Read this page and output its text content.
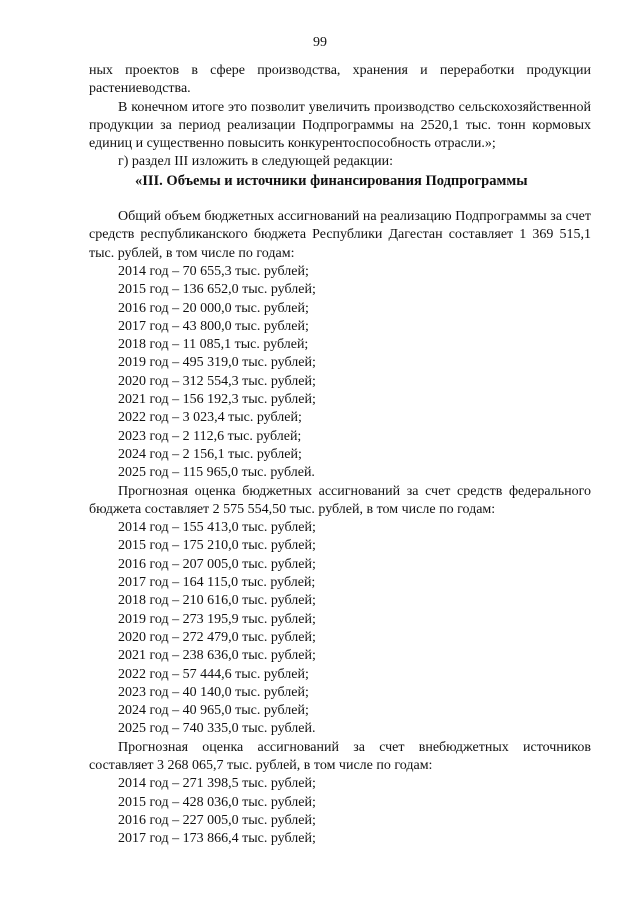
99

ных проектов в сфере производства, хранения и переработки продукции растениеводства.

В конечном итоге это позволит увеличить производство сельскохозяйственной продукции за период реализации Подпрограммы на 2520,1 тыс. тонн кормовых единиц и существенно повысить конкурентоспособность отрасли.»;

г) раздел III изложить в следующей редакции:

«III. Объемы и источники финансирования Подпрограммы

Общий объем бюджетных ассигнований на реализацию Подпрограммы за счет средств республиканского бюджета Республики Дагестан составляет 1 369 515,1 тыс. рублей, в том числе по годам:

2014 год – 70 655,3 тыс. рублей;
2015 год – 136 652,0 тыс. рублей;
2016 год – 20 000,0 тыс. рублей;
2017 год – 43 800,0 тыс. рублей;
2018 год – 11 085,1 тыс. рублей;
2019 год – 495 319,0 тыс. рублей;
2020 год – 312 554,3 тыс. рублей;
2021 год – 156 192,3 тыс. рублей;
2022 год – 3 023,4 тыс. рублей;
2023 год – 2 112,6 тыс. рублей;
2024 год – 2 156,1 тыс. рублей;
2025 год – 115 965,0 тыс. рублей.

Прогнозная оценка бюджетных ассигнований за счет средств федерального бюджета составляет 2 575 554,50 тыс. рублей, в том числе по годам:

2014 год – 155 413,0 тыс. рублей;
2015 год – 175 210,0 тыс. рублей;
2016 год – 207 005,0 тыс. рублей;
2017 год – 164 115,0 тыс. рублей;
2018 год – 210 616,0 тыс. рублей;
2019 год – 273 195,9 тыс. рублей;
2020 год – 272 479,0 тыс. рублей;
2021 год – 238 636,0 тыс. рублей;
2022 год – 57 444,6 тыс. рублей;
2023 год – 40 140,0 тыс. рублей;
2024 год – 40 965,0 тыс. рублей;
2025 год – 740 335,0 тыс. рублей.

Прогнозная оценка ассигнований за счет внебюджетных источников составляет 3 268 065,7 тыс. рублей, в том числе по годам:

2014 год – 271 398,5 тыс. рублей;
2015 год – 428 036,0 тыс. рублей;
2016 год – 227 005,0 тыс. рублей;
2017 год – 173 866,4 тыс. рублей;
